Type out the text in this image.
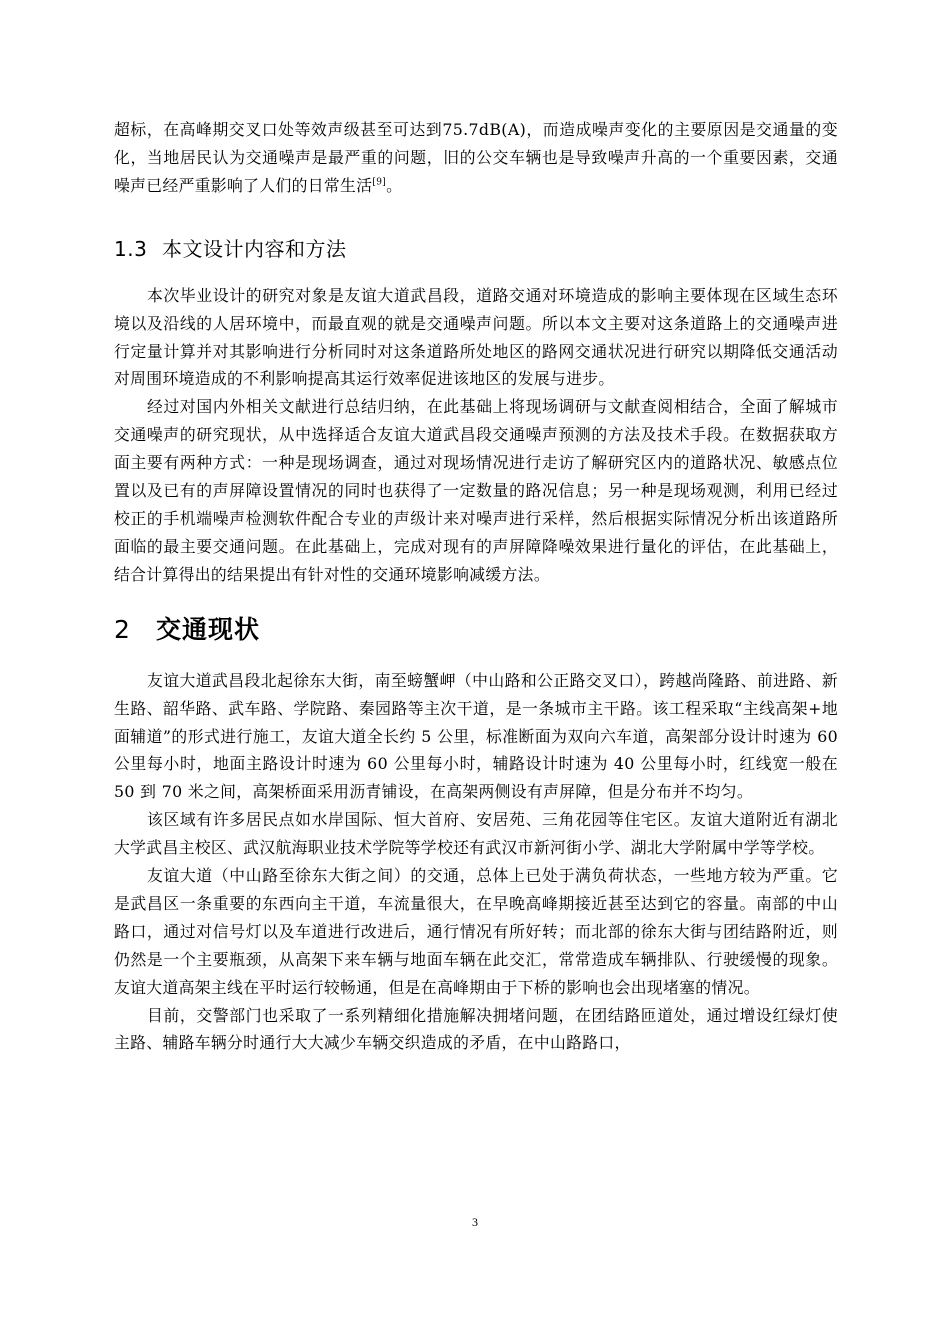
超标，在高峰期交叉口处等效声级甚至可达到75.7dB(A)，而造成噪声变化的主要原因是交通量的变化，当地居民认为交通噪声是最严重的问题，旧的公交车辆也是导致噪声升高的一个重要因素，交通噪声已经严重影响了人们的日常生活[9]。

1.3 本文设计内容和方法

本次毕业设计的研究对象是友谊大道武昌段，道路交通对环境造成的影响主要体现在区域生态环境以及沿线的人居环境中，而最直观的就是交通噪声问题。所以本文主要对这条道路上的交通噪声进行定量计算并对其影响进行分析同时对这条道路所处地区的路网交通状况进行研究以期降低交通活动对周围环境造成的不利影响提高其运行效率促进该地区的发展与进步。

经过对国内外相关文献进行总结归纳，在此基础上将现场调研与文献查阅相结合，全面了解城市交通噪声的研究现状，从中选择适合友谊大道武昌段交通噪声预测的方法及技术手段。在数据获取方面主要有两种方式：一种是现场调查，通过对现场情况进行走访了解研究区内的道路状况、敏感点位置以及已有的声屏障设置情况的同时也获得了一定数量的路况信息；另一种是现场观测，利用已经过校正的手机端噪声检测软件配合专业的声级计来对噪声进行采样，然后根据实际情况分析出该道路所面临的最主要交通问题。在此基础上，完成对现有的声屏障降噪效果进行量化的评估，在此基础上，结合计算得出的结果提出有针对性的交通环境影响减缓方法。

2 交通现状

友谊大道武昌段北起徐东大街，南至螃蟹岬（中山路和公正路交叉口），跨越尚隆路、前进路、新生路、韶华路、武车路、学院路、秦园路等主次干道，是一条城市主干路。该工程采取“主线高架+地面辅道”的形式进行施工，友谊大道全长约 5 公里，标准断面为双向六车道，高架部分设计时速为 60 公里每小时，地面主路设计时速为 60 公里每小时，辅路设计时速为 40 公里每小时，红线宽一般在 50 到 70 米之间，高架桥面采用沥青铺设，在高架两侧设有声屏障，但是分布并不均匀。

该区域有许多居民点如水岸国际、恒大首府、安居苑、三角花园等住宅区。友谊大道附近有湖北大学武昌主校区、武汉航海职业技术学院等学校还有武汉市新河街小学、湖北大学附属中学等学校。

友谊大道（中山路至徐东大街之间）的交通，总体上已处于满负荷状态，一些地方较为严重。它是武昌区一条重要的东西向主干道，车流量很大，在早晚高峰期接近甚至达到它的容量。南部的中山路口，通过对信号灯以及车道进行改进后，通行情况有所好转；而北部的徐东大街与团结路附近，则仍然是一个主要瓶颈，从高架下来车辆与地面车辆在此交汇，常常造成车辆排队、行驶缓慢的现象。友谊大道高架主线在平时运行较畅通，但是在高峰期由于下桥的影响也会出现堵塞的情况。

目前，交警部门也采取了一系列精细化措施解决拥堵问题，在团结路匝道处，通过增设红绿灯使主路、辅路车辆分时通行大大减少车辆交织造成的矛盾，在中山路路口，

3
